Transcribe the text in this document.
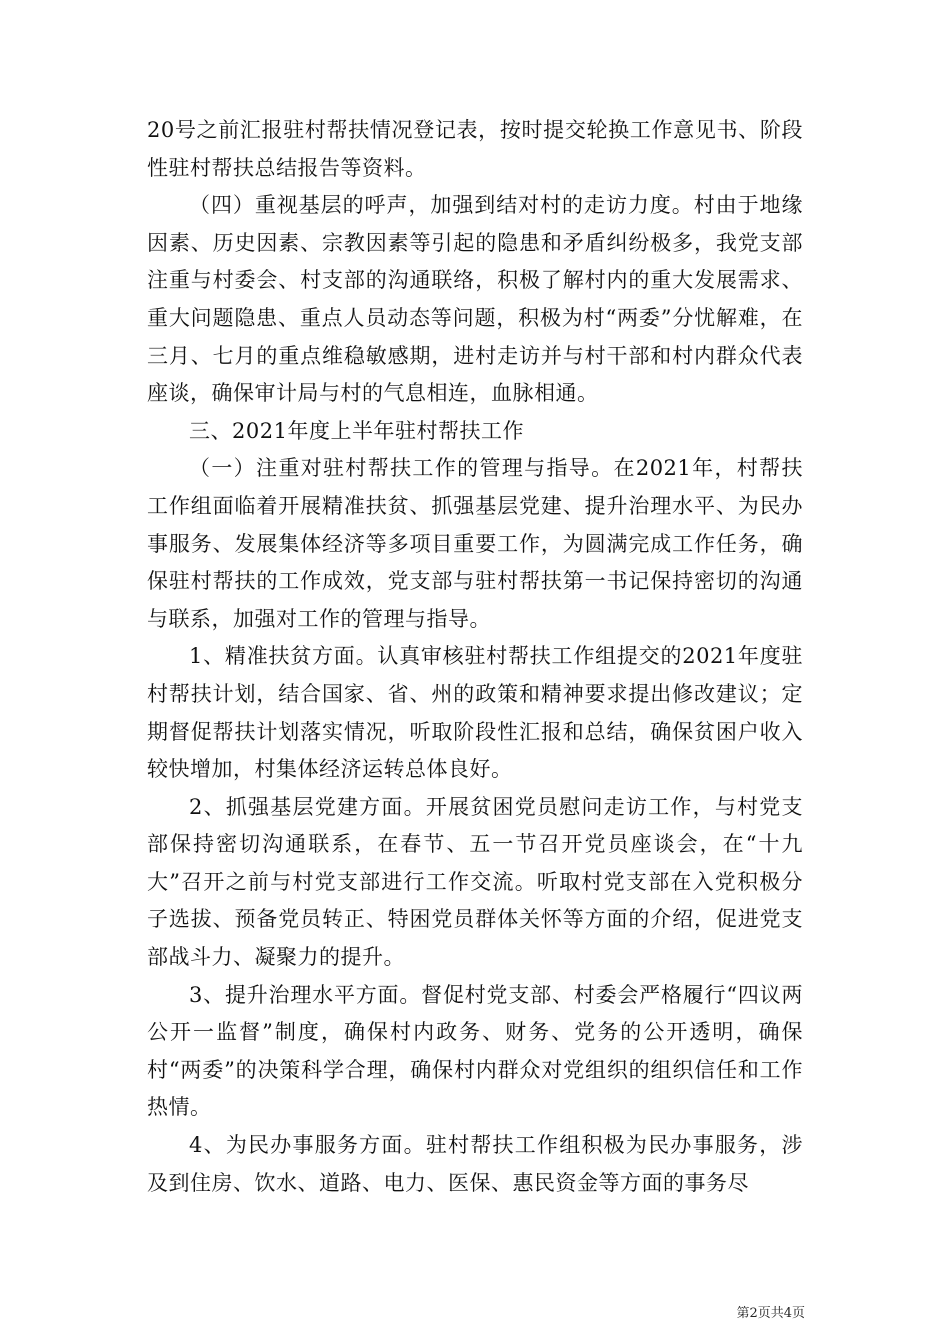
20号之前汇报驻村帮扶情况登记表，按时提交轮换工作意见书、阶段性驻村帮扶总结报告等资料。

（四）重视基层的呼声，加强到结对村的走访力度。村由于地缘因素、历史因素、宗教因素等引起的隐患和矛盾纠纷极多，我党支部注重与村委会、村支部的沟通联络，积极了解村内的重大发展需求、重大问题隐患、重点人员动态等问题，积极为村“两委”分忧解难，在三月、七月的重点维稳敏感期，进村走访并与村干部和村内群众代表座谈，确保审计局与村的气息相连，血脉相通。

三、2021年度上半年驻村帮扶工作

（一）注重对驻村帮扶工作的管理与指导。在2021年，村帮扶工作组面临着开展精准扶贫、抓强基层党建、提升治理水平、为民办事服务、发展集体经济等多项目重要工作，为圆满完成工作任务，确保驻村帮扶的工作成效，党支部与驻村帮扶第一书记保持密切的沟通与联系，加强对工作的管理与指导。

1、精准扶贫方面。认真审核驻村帮扶工作组提交的2021年度驻村帮扶计划，结合国家、省、州的政策和精神要求提出修改建议；定期督促帮扶计划落实情况，听取阶段性汇报和总结，确保贫困户收入较快增加，村集体经济运转总体良好。

2、抓强基层党建方面。开展贫困党员慰问走访工作，与村党支部保持密切沟通联系，在春节、五一节召开党员座谈会，在“十九大”召开之前与村党支部进行工作交流。听取村党支部在入党积极分子选拔、预备党员转正、特困党员群体关怀等方面的介绍，促进党支部战斗力、凝聚力的提升。

3、提升治理水平方面。督促村党支部、村委会严格履行“四议两公开一监督”制度，确保村内政务、财务、党务的公开透明，确保村“两委”的决策科学合理，确保村内群众对党组织的组织信任和工作热情。

4、为民办事服务方面。驻村帮扶工作组积极为民办事服务，涉及到住房、饮水、道路、电力、医保、惠民资金等方面的事务尽

第2页共4页
